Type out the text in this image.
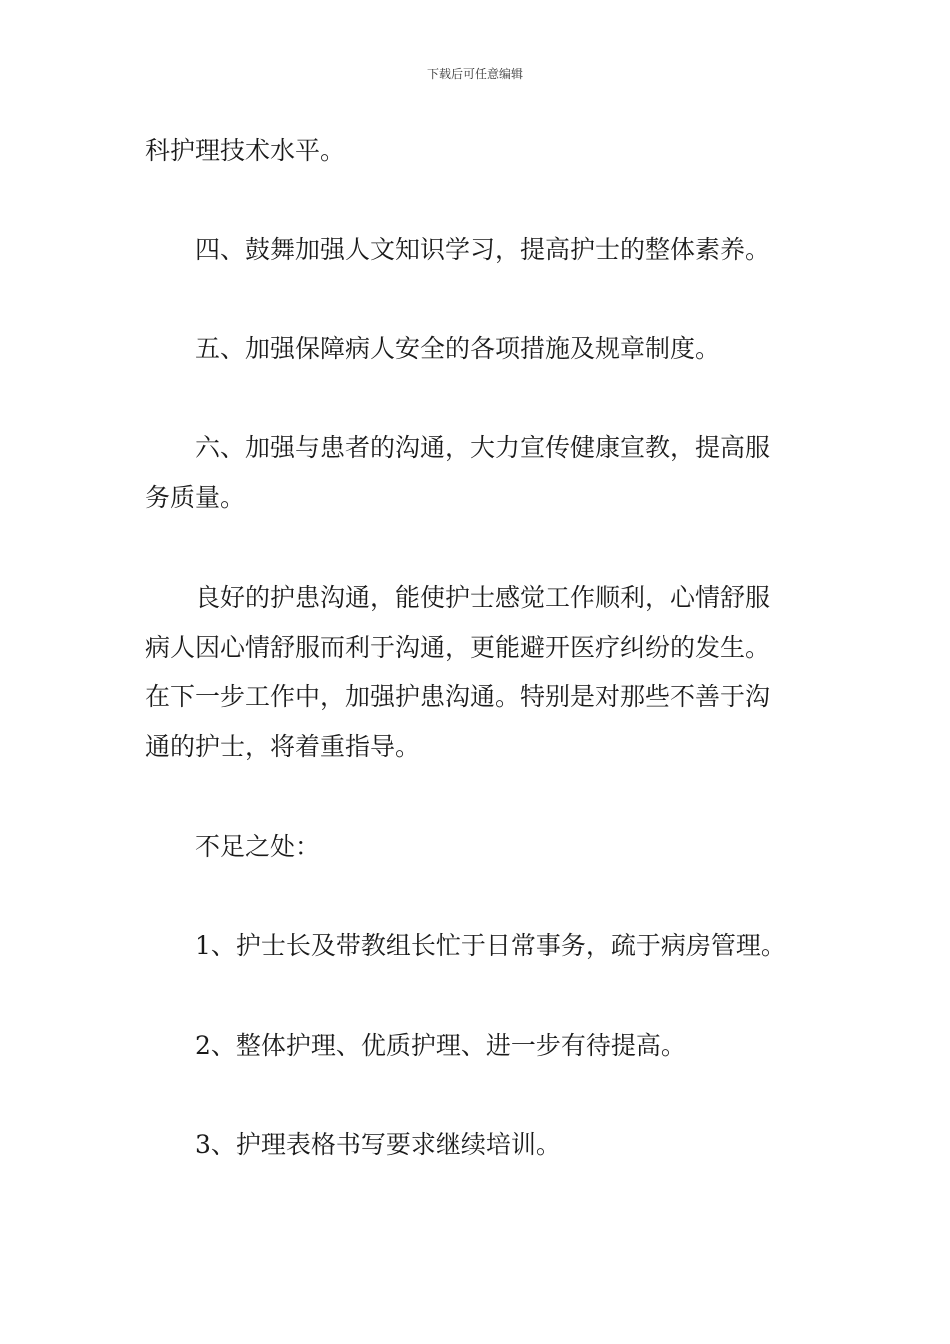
下载后可任意编辑
科护理技术水平。
四、鼓舞加强人文知识学习，提高护士的整体素养。
五、加强保障病人安全的各项措施及规章制度。
六、加强与患者的沟通，大力宣传健康宣教，提高服
务质量。
良好的护患沟通，能使护士感觉工作顺利，心情舒服
病人因心情舒服而利于沟通，更能避开医疗纠纷的发生。
在下一步工作中，加强护患沟通。特别是对那些不善于沟
通的护士，将着重指导。
不足之处：
1、护士长及带教组长忙于日常事务，疏于病房管理。
2、整体护理、优质护理、进一步有待提高。
3、护理表格书写要求继续培训。
